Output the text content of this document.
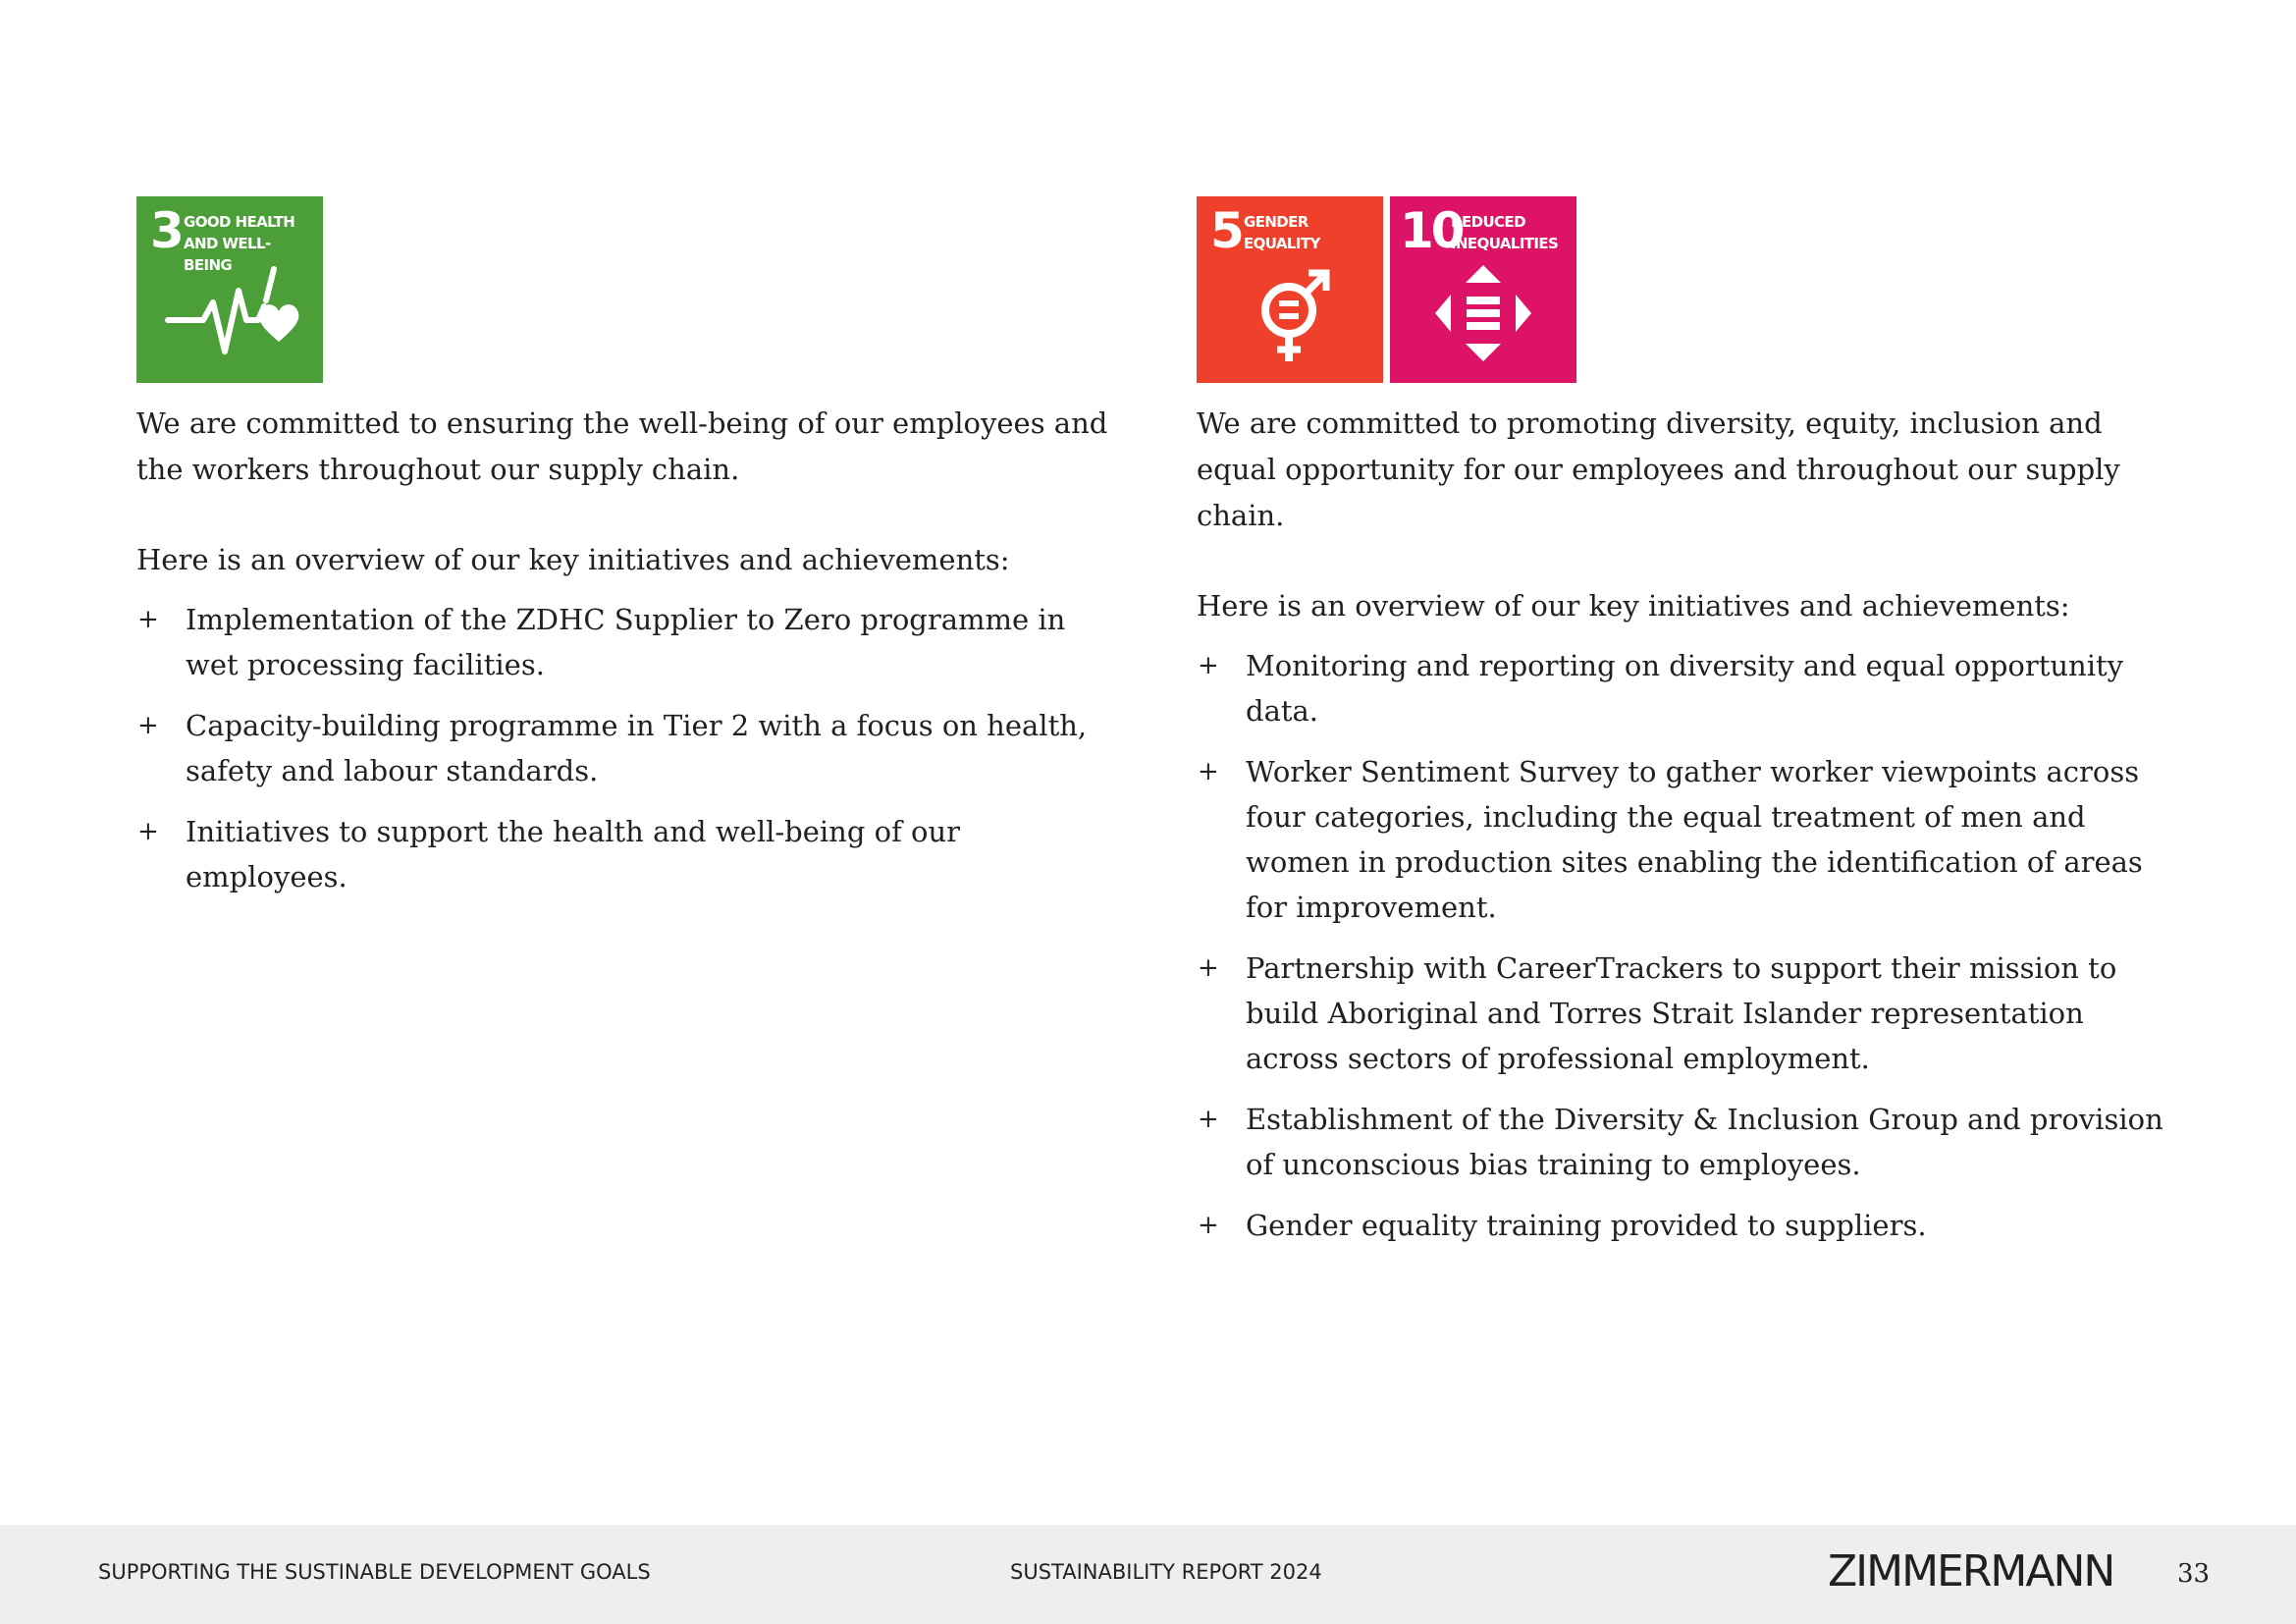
3 GOOD HEALTH
AND WELL-BEING

We are committed to ensuring the well-being of our employees and the workers throughout our supply chain.

Here is an overview of our key initiatives and achievements:

+ Implementation of the ZDHC Supplier to Zero programme in wet processing facilities.
+ Capacity-building programme in Tier 2 with a focus on health, safety and labour standards.
+ Initiatives to support the health and well-being of our employees.
5 GENDER
EQUALITY	10
REDUCED
INEQUALITIES

We are committed to promoting diversity, equity, inclusion and equal opportunity for our employees and throughout our supply chain.

Here is an overview of our key initiatives and achievements:

+ Monitoring and reporting on diversity and equal opportunity data.
+ Worker Sentiment Survey to gather worker viewpoints across four categories, including the equal treatment of men and women in production sites enabling the identification of areas for improvement.
+ Partnership with CareerTrackers to support their mission to build Aboriginal and Torres Strait Islander representation across sectors of professional employment.
+ Establishment of the Diversity & Inclusion Group and provision of unconscious bias training to employees.
+ Gender equality training provided to suppliers.
SUPPORTING THE SUSTINABLE DEVELOPMENT GOALS	SUSTAINABILITY REPORT 2024	ZIMMERMANN 33
